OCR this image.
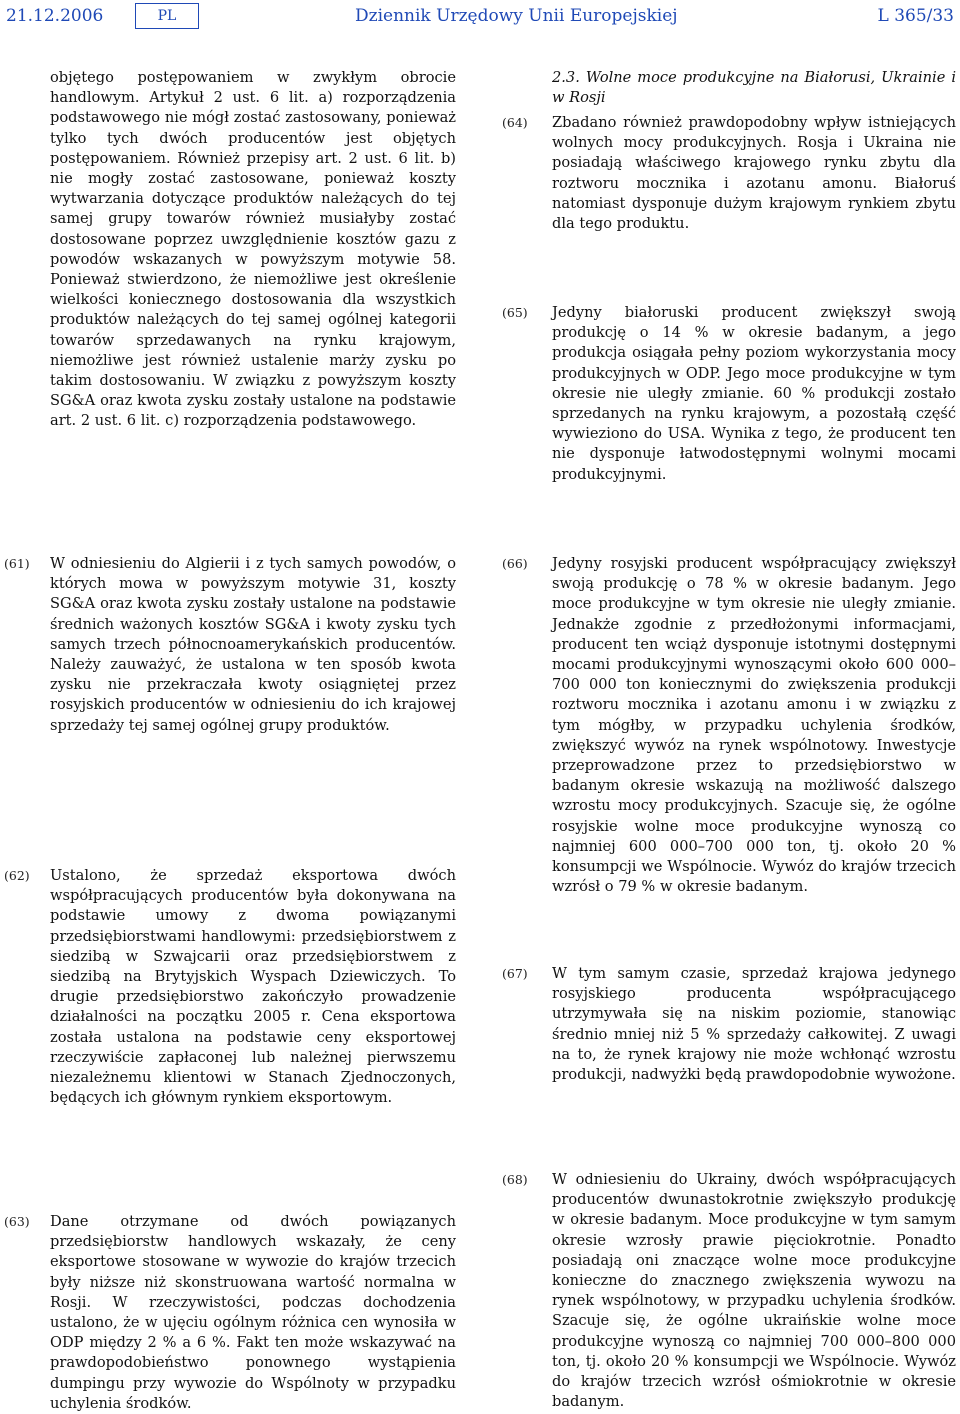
21.12.2006	PL	Dziennik Urzędowy Unii Europejskiej	L 365/33
objętego postępowaniem w zwykłym obrocie handlowym. Artykuł 2 ust. 6 lit. a) rozporządzenia podstawowego nie mógł zostać zastosowany, ponieważ tylko tych dwóch producentów jest objętych postępowaniem. Również przepisy art. 2 ust. 6 lit. b) nie mogły zostać zastosowane, ponieważ koszty wytwarzania dotyczące produktów należących do tej samej grupy towarów również musiałyby zostać dostosowane poprzez uwzględnienie kosztów gazu z powodów wskazanych w powyższym motywie 58. Ponieważ stwierdzono, że niemożliwe jest określenie wielkości koniecznego dostosowania dla wszystkich produktów należących do tej samej ogólnej kategorii towarów sprzedawanych na rynku krajowym, niemożliwe jest również ustalenie marży zysku po takim dostosowaniu. W związku z powyższym koszty SG&A oraz kwota zysku zostały ustalone na podstawie art. 2 ust. 6 lit. c) rozporządzenia podstawowego.
2.3. Wolne moce produkcyjne na Białorusi, Ukrainie i w Rosji
(64) Zbadano również prawdopodobny wpływ istniejących wolnych mocy produkcyjnych. Rosja i Ukraina nie posiadają właściwego krajowego rynku zbytu dla roztworu mocznika i azotanu amonu. Białoruś natomiast dysponuje dużym krajowym rynkiem zbytu dla tego produktu.
(65) Jedyny białoruski producent zwiększył swoją produkcję o 14 % w okresie badanym, a jego produkcja osiągała pełny poziom wykorzystania mocy produkcyjnych w ODP. Jego moce produkcyjne w tym okresie nie uległy zmianie. 60 % produkcji zostało sprzedanych na rynku krajowym, a pozostałą część wywieziono do USA. Wynika z tego, że producent ten nie dysponuje łatwodostępnymi wolnymi mocami produkcyjnymi.
(61) W odniesieniu do Algierii i z tych samych powodów, o których mowa w powyższym motywie 31, koszty SG&A oraz kwota zysku zostały ustalone na podstawie średnich ważonych kosztów SG&A i kwoty zysku tych samych trzech północnoamerykańskich producentów. Należy zauważyć, że ustalona w ten sposób kwota zysku nie przekraczała kwoty osiągniętej przez rosyjskich producentów w odniesieniu do ich krajowej sprzedaży tej samej ogólnej grupy produktów.
(66) Jedyny rosyjski producent współpracujący zwiększył swoją produkcję o 78 % w okresie badanym. Jego moce produkcyjne w tym okresie nie uległy zmianie. Jednakże zgodnie z przedłożonymi informacjami, producent ten wciąż dysponuje istotnymi dostępnymi mocami produkcyjnymi wynoszącymi około 600 000–700 000 ton koniecznymi do zwiększenia produkcji roztworu mocznika i azotanu amonu i w związku z tym mógłby, w przypadku uchylenia środków, zwiększyć wywóz na rynek wspólnotowy. Inwestycje przeprowadzone przez to przedsiębiorstwo w badanym okresie wskazują na możliwość dalszego wzrostu mocy produkcyjnych. Szacuje się, że ogólne rosyjskie wolne moce produkcyjne wynoszą co najmniej 600 000–700 000 ton, tj. około 20 % konsumpcji we Wspólnocie. Wywóz do krajów trzecich wzrósł o 79 % w okresie badanym.
(62) Ustalono, że sprzedaż eksportowa dwóch współpracujących producentów była dokonywana na podstawie umowy z dwoma powiązanymi przedsiębiorstwami handlowymi: przedsiębiorstwem z siedzibą w Szwajcarii oraz przedsiębiorstwem z siedzibą na Brytyjskich Wyspach Dziewiczych. To drugie przedsiębiorstwo zakończyło prowadzenie działalności na początku 2005 r. Cena eksportowa została ustalona na podstawie ceny eksportowej rzeczywiście zapłaconej lub należnej pierwszemu niezależnemu klientowi w Stanach Zjednoczonych, będących ich głównym rynkiem eksportowym.
(67) W tym samym czasie, sprzedaż krajowa jedynego rosyjskiego producenta współpracującego utrzymywała się na niskim poziomie, stanowiąc średnio mniej niż 5 % sprzedaży całkowitej. Z uwagi na to, że rynek krajowy nie może wchłonąć wzrostu produkcji, nadwyżki będą prawdopodobnie wywożone.
(68) W odniesieniu do Ukrainy, dwóch współpracujących producentów dwunastokrotnie zwiększyło produkcję w okresie badanym. Moce produkcyjne w tym samym okresie wzrosły prawie pięciokrotnie. Ponadto posiadają oni znaczące wolne moce produkcyjne konieczne do znacznego zwiększenia wywozu na rynek wspólnotowy, w przypadku uchylenia środków. Szacuje się, że ogólne ukraińskie wolne moce produkcyjne wynoszą co najmniej 700 000–800 000 ton, tj. około 20 % konsumpcji we Wspólnocie. Wywóz do krajów trzecich wzrósł ośmiokrotnie w okresie badanym.
(63) Dane otrzymane od dwóch powiązanych przedsiębiorstw handlowych wskazały, że ceny eksportowe stosowane w wywozie do krajów trzecich były niższe niż skonstruowana wartość normalna w Rosji. W rzeczywistości, podczas dochodzenia ustalono, że w ujęciu ogólnym różnica cen wynosiła w ODP między 2 % a 6 %. Fakt ten może wskazywać na prawdopodobieństwo ponownego wystąpienia dumpingu przy wywozie do Wspólnoty w przypadku uchylenia środków.
